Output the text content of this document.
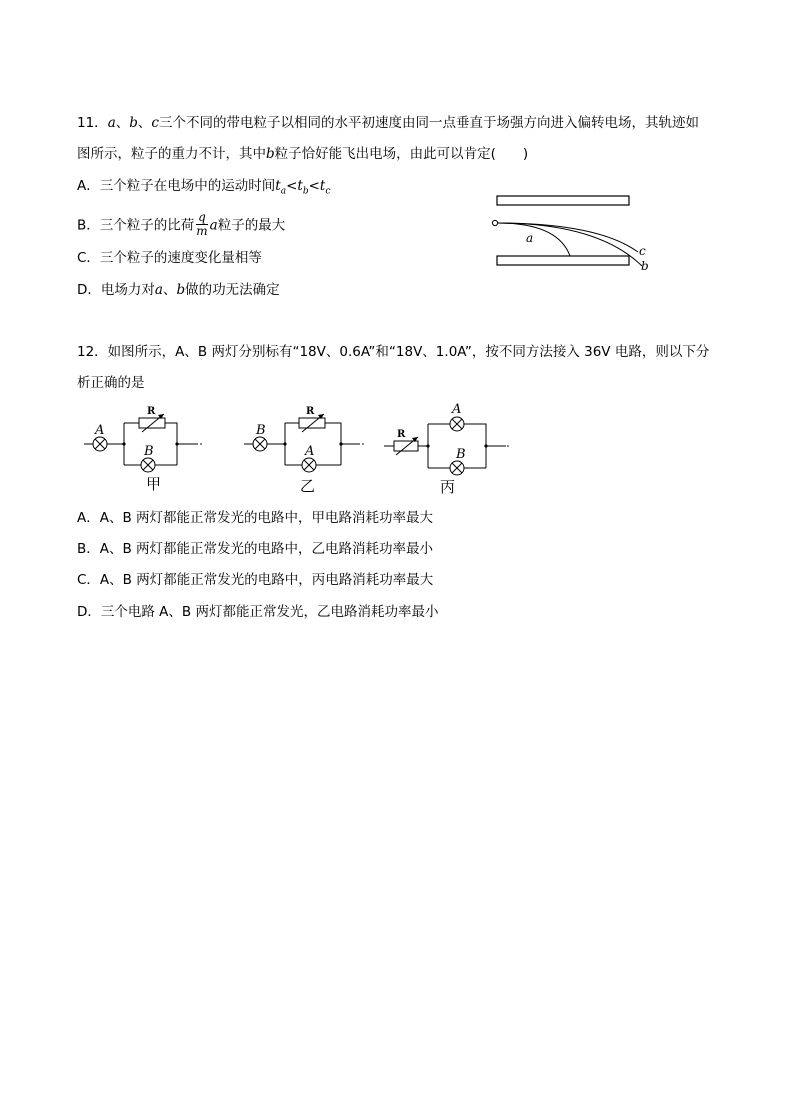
11．a、b、c三个不同的带电粒子以相同的水平初速度由同一点垂直于场强方向进入偏转电场，其轨迹如
图所示，粒子的重力不计，其中b粒子恰好能飞出电场，由此可以肯定(　　)
A．三个粒子在电场中的运动时间$t_a<t_b<t_c$
B．三个粒子的比荷 $\frac{q}{m}$ a粒子的最大
C．三个粒子的速度变化量相等
D．电场力对a、b做的功无法确定
a
c
b
12．如图所示，A、B 两灯分别标有“18V、0.6A”和“18V、1.0A”，按不同方法接入 36V 电路，则以下分
析正确的是
A
R
B
甲
B
R
A
乙
R
A
B
丙
A．A、B 两灯都能正常发光的电路中，甲电路消耗功率最大
B．A、B 两灯都能正常发光的电路中，乙电路消耗功率最小
C．A、B 两灯都能正常发光的电路中，丙电路消耗功率最大
D．三个电路 A、B 两灯都能正常发光，乙电路消耗功率最小
